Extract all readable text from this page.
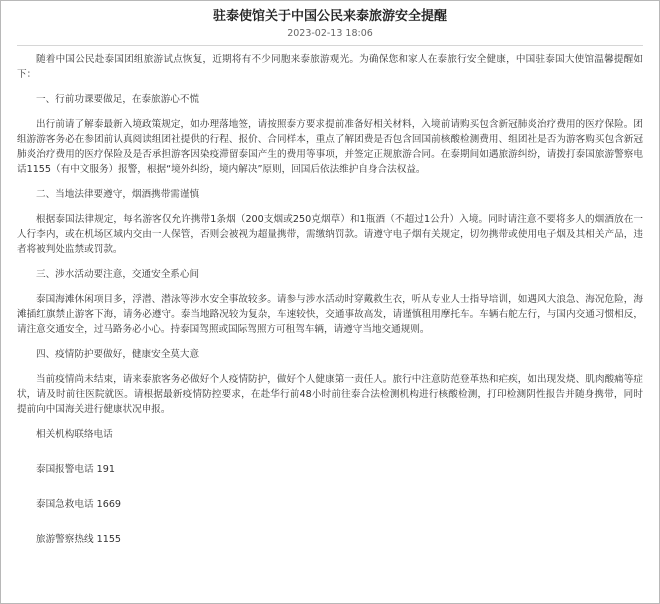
驻泰使馆关于中国公民来泰旅游安全提醒
2023-02-13 18:06

随着中国公民赴泰国团组旅游试点恢复，近期将有不少同胞来泰旅游观光。为确保您和家人在泰旅行安全健康，中国驻泰国大使馆温馨提醒如下：

一、行前功课要做足，在泰旅游心不慌

出行前请了解泰最新入境政策规定，如办理落地签，请按照泰方要求提前准备好相关材料，入境前请购买包含新冠肺炎治疗费用的医疗保险。团组游游客务必在参团前认真阅读组团社提供的行程、报价、合同样本，重点了解团费是否包含回国前核酸检测费用、组团社是否为游客购买包含新冠肺炎治疗费用的医疗保险及是否承担游客因染疫滞留泰国产生的费用等事项，并签定正规旅游合同。在泰期间如遇旅游纠纷，请拨打泰国旅游警察电话1155（有中文服务）报警，根据“境外纠纷，境内解决”原则，回国后依法维护自身合法权益。

二、当地法律要遵守，烟酒携带需谨慎

根据泰国法律规定，每名游客仅允许携带1条烟（200支烟或250克烟草）和1瓶酒（不超过1公升）入境。同时请注意不要将多人的烟酒放在一人行李内，或在机场区域内交由一人保管，否则会被视为超量携带，需缴纳罚款。请遵守电子烟有关规定，切勿携带或使用电子烟及其相关产品，违者将被判处监禁或罚款。

三、涉水活动要注意，交通安全系心间

泰国海滩休闲项目多，浮潜、潜泳等涉水安全事故较多。请参与涉水活动时穿戴救生衣，听从专业人士指导培训，如遇风大浪急、海况危险，海滩插红旗禁止游客下海，请务必遵守。泰当地路况较为复杂，车速较快，交通事故高发，请谨慎租用摩托车。车辆右舵左行，与国内交通习惯相反，请注意交通安全，过马路务必小心。持泰国驾照或国际驾照方可租驾车辆，请遵守当地交通规则。

四、疫情防护要做好，健康安全莫大意

当前疫情尚未结束，请来泰旅客务必做好个人疫情防护，做好个人健康第一责任人。旅行中注意防范登革热和疟疾，如出现发烧、肌肉酸痛等症状，请及时前往医院就医。请根据最新疫情防控要求，在赴华行前48小时前往泰合法检测机构进行核酸检测，打印检测阴性报告并随身携带，同时提前向中国海关进行健康状况申报。

相关机构联络电话

泰国报警电话 191

泰国急救电话 1669

旅游警察热线 1155
